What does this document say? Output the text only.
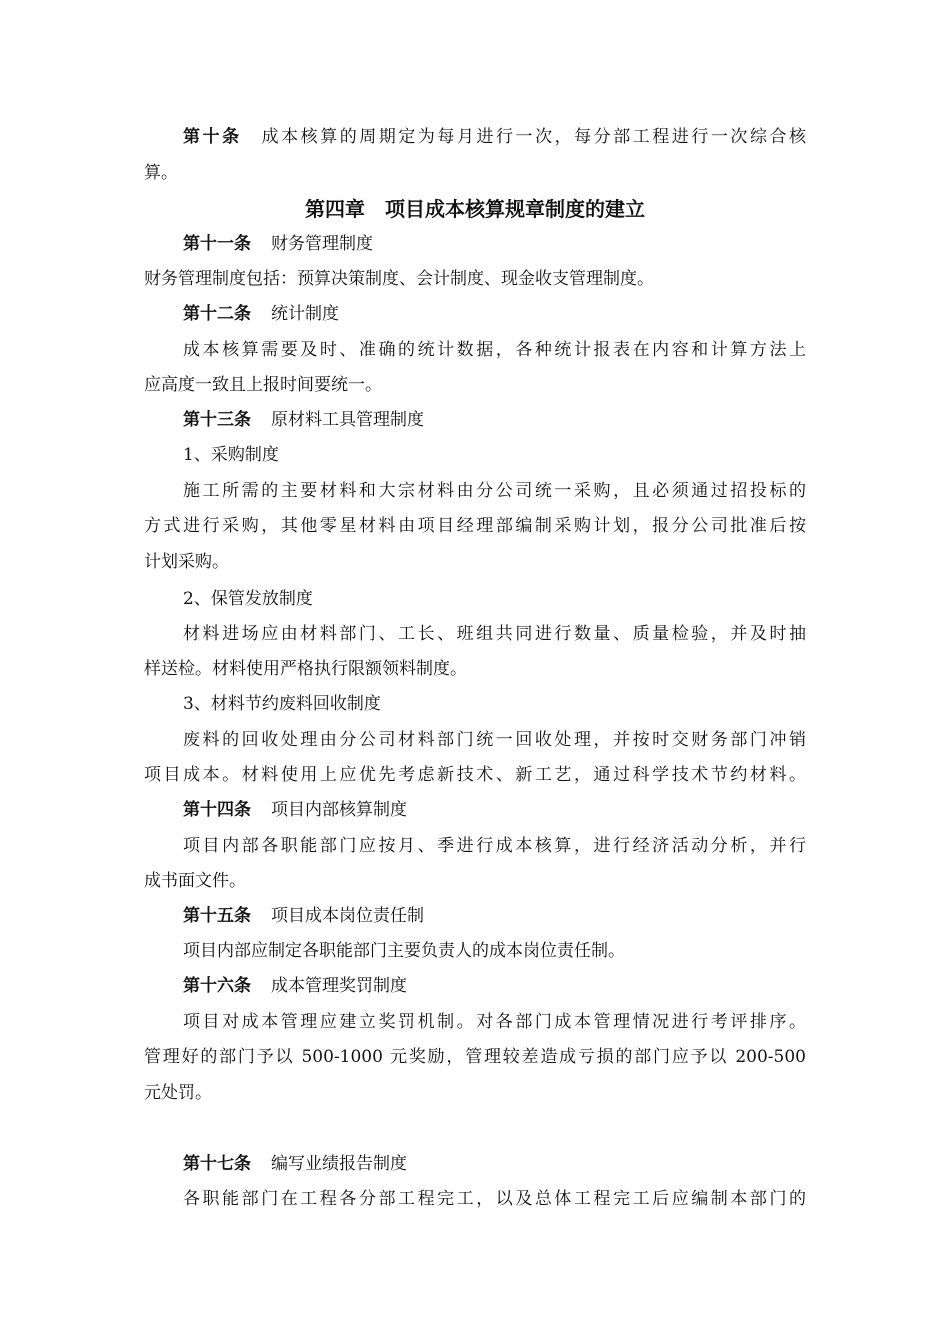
第十条 成本核算的周期定为每月进行一次，每分部工程进行一次综合核
算。
第四章　项目成本核算规章制度的建立
第十一条 财务管理制度
财务管理制度包括：预算决策制度、会计制度、现金收支管理制度。
第十二条 统计制度
成本核算需要及时、准确的统计数据，各种统计报表在内容和计算方法上
应高度一致且上报时间要统一。
第十三条 原材料工具管理制度
1、采购制度
施工所需的主要材料和大宗材料由分公司统一采购，且必须通过招投标的
方式进行采购，其他零星材料由项目经理部编制采购计划，报分公司批准后按
计划采购。
2、保管发放制度
材料进场应由材料部门、工长、班组共同进行数量、质量检验，并及时抽
样送检。材料使用严格执行限额领料制度。
3、材料节约废料回收制度
废料的回收处理由分公司材料部门统一回收处理，并按时交财务部门冲销
项目成本。材料使用上应优先考虑新技术、新工艺，通过科学技术节约材料。
第十四条 项目内部核算制度
项目内部各职能部门应按月、季进行成本核算，进行经济活动分析，并行
成书面文件。
第十五条 项目成本岗位责任制
项目内部应制定各职能部门主要负责人的成本岗位责任制。
第十六条 成本管理奖罚制度
项目对成本管理应建立奖罚机制。对各部门成本管理情况进行考评排序。
管理好的部门予以 500-1000 元奖励，管理较差造成亏损的部门应予以 200-500
元处罚。
第十七条 编写业绩报告制度
各职能部门在工程各分部工程完工，以及总体工程完工后应编制本部门的
